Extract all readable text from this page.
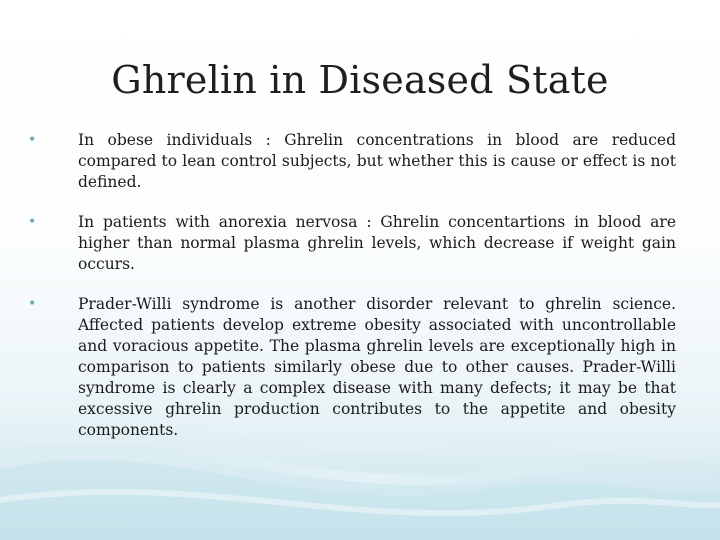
Ghrelin in Diseased State
•	In obese individuals : Ghrelin concentrations in blood are reduced compared to lean control subjects, but whether this is cause or effect is not defined.
•	In patients with anorexia nervosa : Ghrelin concentartions in blood are higher than normal plasma ghrelin levels, which decrease if weight gain occurs.
•	Prader-Willi syndrome is another disorder relevant to ghrelin science. Affected patients develop extreme obesity associated with uncontrollable and voracious appetite. The plasma ghrelin levels are exceptionally high in comparison to patients similarly obese due to other causes. Prader-Willi syndrome is clearly a complex disease with many defects; it may be that excessive ghrelin production contributes to the appetite and obesity components.
